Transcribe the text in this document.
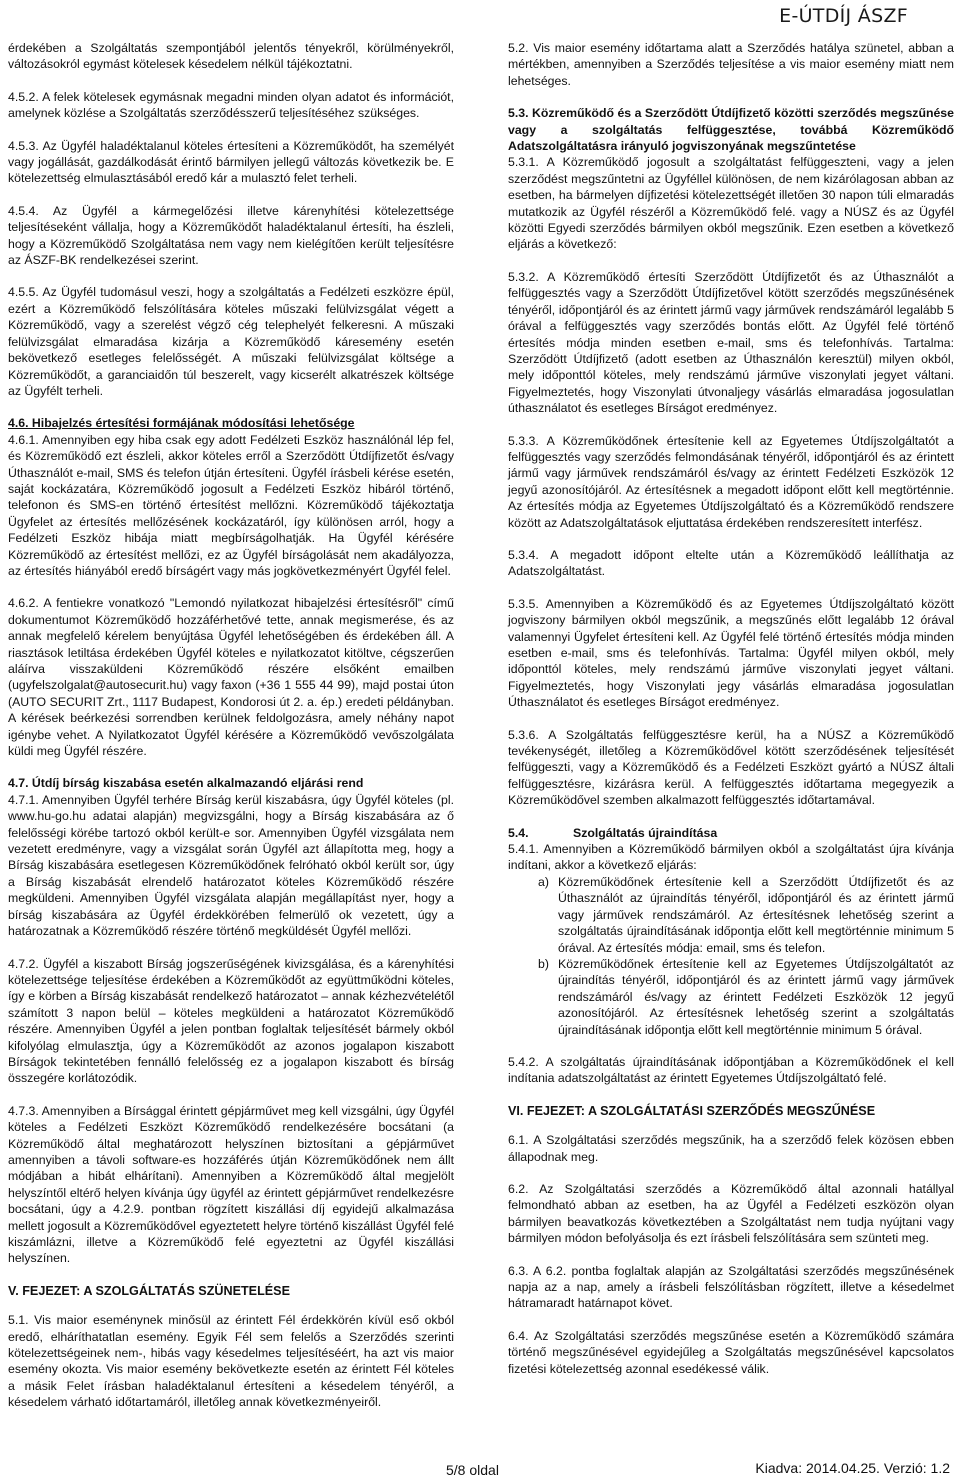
E-ÚTDÍJ ÁSZF
érdekében a Szolgáltatás szempontjából jelentős tényekről, körülményekről, változásokról egymást kötelesek késedelem nélkül tájékoztatni.
4.5.2. A felek kötelesek egymásnak megadni minden olyan adatot és információt, amelynek közlése a Szolgáltatás szerződésszerű teljesítéséhez szükséges.
4.5.3. Az Ügyfél haladéktalanul köteles értesíteni a Közreműködőt, ha személyét vagy jogállását, gazdálkodását érintő bármilyen jellegű változás következik be. E kötelezettség elmulasztásából eredő kár a mulasztó felet terheli.
4.5.4. Az Ügyfél a kármegelőzési illetve kárenyhítési kötelezettsége teljesítéseként vállalja, hogy a Közreműködőt haladéktalanul értesíti, ha észleli, hogy a Közreműködő Szolgáltatása nem vagy nem kielégítően került teljesítésre az ÁSZF-BK rendelkezései szerint.
4.5.5. Az Ügyfél tudomásul veszi, hogy a szolgáltatás a Fedélzeti eszközre épül, ezért a Közreműködő felszólítására köteles műszaki felülvizsgálat végett a Közreműködő, vagy a szerelést végző cég telephelyét felkeresni. A műszaki felülvizsgálat elmaradása kizárja a Közreműködő káresemény esetén bekövetkező esetleges felelősségét. A műszaki felülvizsgálat költsége a Közreműködőt, a garanciaidőn túl beszerelt, vagy kicserélt alkatrészek költsége az Ügyfélt terheli.
4.6. Hibajelzés értesítési formájának módosítási lehetősége
4.6.1. Amennyiben egy hiba csak egy adott Fedélzeti Eszköz használónál lép fel, és Közreműködő ezt észleli, akkor köteles erről a Szerződött Útdíjfizetőt és/vagy Úthasználót e-mail, SMS és telefon útján értesíteni. Ügyfél írásbeli kérése esetén, saját kockázatára, Közreműködő jogosult a Fedélzeti Eszköz hibáról történő, telefonon és SMS-en történő értesítést mellőzni. Közreműködő tájékoztatja Ügyfelet az értesítés mellőzésének kockázatáról, így különösen arról, hogy a Fedélzeti Eszköz hibája miatt megbírságolhatják. Ha Ügyfél kérésére Közreműködő az értesítést mellőzi, ez az Ügyfél bírságolását nem akadályozza, az értesítés hiányából eredő bírságért vagy más jogkövetkezményért Ügyfél felel.
4.6.2. A fentiekre vonatkozó "Lemondó nyilatkozat hibajelzési értesítésről" című dokumentumot Közreműködő hozzáférhetővé tette, annak megismerése, és az annak megfelelő kérelem benyújtása Ügyfél lehetőségében és érdekében áll. A riasztások letiltása érdekében Ügyfél köteles e nyilatkozatot kitöltve, cégszerűen aláírva visszaküldeni Közreműködő részére elsőként emailben (ugyfelszolgalat@autosecurit.hu) vagy faxon (+36 1 555 44 99), majd postai úton (AUTO SECURIT Zrt., 1117 Budapest, Kondorosi út 2. a. ép.) eredeti példányban. A kérések beérkezési sorrendben kerülnek feldolgozásra, amely néhány napot igénybe vehet. A Nyilatkozatot Ügyfél kérésére a Közreműködő vevőszolgálata küldi meg Ügyfél részére.
4.7. Útdíj bírság kiszabása esetén alkalmazandó eljárási rend
4.7.1. Amennyiben Ügyfél terhére Bírság kerül kiszabásra, úgy Ügyfél köteles (pl. www.hu-go.hu adatai alapján) megvizsgálni, hogy a Bírság kiszabására az ő felelősségi körébe tartozó okból került-e sor. Amennyiben Ügyfél vizsgálata nem vezetett eredményre, vagy a vizsgálat során Ügyfél azt állapította meg, hogy a Bírság kiszabására esetlegesen Közreműködőnek felróható okból került sor, úgy a Bírság kiszabását elrendelő határozatot köteles Közreműködő részére megküldeni. Amennyiben Ügyfél vizsgálata alapján megállapítást nyer, hogy a bírság kiszabására az Ügyfél érdekkörében felmerülő ok vezetett, úgy a határozatnak a Közreműködő részére történő megküldését Ügyfél mellőzi.
4.7.2. Ügyfél a kiszabott Bírság jogszerűségének kivizsgálása, és a kárenyhítési kötelezettsége teljesítése érdekében a Közreműködőt az együttműködni köteles, így e körben a Bírság kiszabását rendelkező határozatot – annak kézhezvételétől számított 3 napon belül – köteles megküldeni a határozatot Közreműködő részére. Amennyiben Ügyfél a jelen pontban foglaltak teljesítését bármely okból kifolyólag elmulasztja, úgy a Közreműködőt az azonos jogalapon kiszabott Bírságok tekintetében fennálló felelősség ez a jogalapon kiszabott és bírság összegére korlátozódik.
4.7.3. Amennyiben a Bírsággal érintett gépjárművet meg kell vizsgálni, úgy Ügyfél köteles a Fedélzeti Eszközt Közreműködő rendelkezésére bocsátani (a Közreműködő által meghatározott helyszínen biztosítani a gépjárművet amennyiben a távoli software-es hozzáférés útján Közreműködőnek nem állt módjában a hibát elhárítani). Amennyiben a Közreműködő által megjelölt helyszíntől eltérő helyen kívánja úgy ügyfél az érintett gépjárművet rendelkezésre bocsátani, úgy a 4.2.9. pontban rögzített kiszállási díj egyidejű alkalmazása mellett jogosult a Közreműködővel egyeztetett helyre történő kiszállást Ügyfél felé kiszámlázni, illetve a Közreműködő felé egyeztetni az Ügyfél kiszállási helyszínen.
V. FEJEZET: A SZOLGÁLTATÁS SZÜNETELÉSE
5.1. Vis maior eseménynek minősül az érintett Fél érdekkörén kívül eső okból eredő, elháríthatatlan esemény. Egyik Fél sem felelős a Szerződés szerinti kötelezettségeinek nem-, hibás vagy késedelmes teljesítéséért, ha azt vis maior esemény okozta. Vis maior esemény bekövetkezte esetén az érintett Fél köteles a másik Felet írásban haladéktalanul értesíteni a késedelem tényéről, a késedelem várható időtartamáról, illetőleg annak következményeiről.
5.2. Vis maior esemény időtartama alatt a Szerződés hatálya szünetel, abban a mértékben, amennyiben a Szerződés teljesítése a vis maior esemény miatt nem lehetséges.
5.3. Közreműködő és a Szerződött Útdíjfizető közötti szerződés megszűnése vagy a szolgáltatás felfüggesztése, továbbá Közreműködő Adatszolgáltatásra irányuló jogviszonyának megszűntetése
5.3.1. A Közreműködő jogosult a szolgáltatást felfüggeszteni, vagy a jelen szerződést megszűntetni az Ügyféllel különösen, de nem kizárólagosan abban az esetben, ha bármelyen díjfizetési kötelezettségét illetően 30 napon túli elmaradás mutatkozik az Ügyfél részéről a Közreműködő felé. vagy a NÚSZ és az Ügyfél közötti Egyedi szerződés bármilyen okból megszűnik. Ezen esetben a következő eljárás a következő:
5.3.2. A Közreműködő értesíti Szerződött Útdíjfizetőt és az Úthasználót a felfüggesztés vagy a Szerződött Útdíjfizetővel kötött szerződés megszűnésének tényéről, időpontjáról és az érintett jármű vagy járművek rendszámáról legalább 5 órával a felfüggesztés vagy szerződés bontás előtt. Az Ügyfél felé történő értesítés módja minden esetben e-mail, sms és telefonhívás. Tartalma: Szerződött Útdíjfizető (adott esetben az Úthasználón keresztül) milyen okból, mely időponttól köteles, mely rendszámú járműve viszonylati jegyet váltani. Figyelmeztetés, hogy Viszonylati útvonaljegy vásárlás elmaradása jogosulatlan úthasználatot és esetleges Bírságot eredményez.
5.3.3. A Közreműködőnek értesítenie kell az Egyetemes Útdíjszolgáltatót a felfüggesztés vagy szerződés felmondásának tényéről, időpontjáról és az érintett jármű vagy járművek rendszámáról és/vagy az érintett Fedélzeti Eszközök 12 jegyű azonosítójáról. Az értesítésnek a megadott időpont előtt kell megtörténnie. Az értesítés módja az Egyetemes Útdíjszolgáltató és a Közreműködő rendszere között az Adatszolgáltatások eljuttatása érdekében rendszeresített interfész.
5.3.4. A megadott időpont eltelte után a Közreműködő leállíthatja az Adatszolgáltatást.
5.3.5. Amennyiben a Közreműködő és az Egyetemes Útdíjszolgáltató között jogviszony bármilyen okból megszűnik, a megszűnés előtt legalább 12 órával valamennyi Ügyfelet értesíteni kell. Az Ügyfél felé történő értesítés módja minden esetben e-mail, sms és telefonhívás. Tartalma: Ügyfél milyen okból, mely időponttól köteles, mely rendszámú járműve viszonylati jegyet váltani. Figyelmeztetés, hogy Viszonylati jegy vásárlás elmaradása jogosulatlan Úthasználatot és esetleges Bírságot eredményez.
5.3.6. A Szolgáltatás felfüggesztésre kerül, ha a NÚSZ a Közreműködő tevékenységét, illetőleg a Közreműködővel kötött szerződésének teljesítését felfüggeszti, vagy a Közreműködő és a Fedélzeti Eszközt gyártó a NÚSZ általi felfüggesztésre, kizárásra kerül. A felfüggesztés időtartama megegyezik a Közreműködővel szemben alkalmazott felfüggesztés időtartamával.
5.4.	Szolgáltatás újraindítása
5.4.1. Amennyiben a Közreműködő bármilyen okból a szolgáltatást újra kívánja indítani, akkor a következő eljárás:
a) Közreműködőnek értesítenie kell a Szerződött Útdíjfizetőt és az Úthasználót az újraindítás tényéről, időpontjáról és az érintett jármű vagy járművek rendszámáról. Az értesítésnek lehetőség szerint a szolgáltatás újraindításának időpontja előtt kell megtörténnie minimum 5 órával. Az értesítés módja: email, sms és telefon.
b) Közreműködőnek értesítenie kell az Egyetemes Útdíjszolgáltatót az újraindítás tényéről, időpontjáról és az érintett jármű vagy járművek rendszámáról és/vagy az érintett Fedélzeti Eszközök 12 jegyű azonosítójáról. Az értesítésnek lehetőség szerint a szolgáltatás újraindításának időpontja előtt kell megtörténnie minimum 5 órával.
5.4.2. A szolgáltatás újraindításának időpontjában a Közreműködőnek el kell indítania adatszolgáltatást az érintett Egyetemes Útdíjszolgáltató felé.
VI. FEJEZET: A SZOLGÁLTATÁSI SZERZŐDÉS MEGSZŰNÉSE
6.1. A Szolgáltatási szerződés megszűnik, ha a szerződő felek közösen ebben állapodnak meg.
6.2. Az Szolgáltatási szerződés a Közreműködő által azonnali hatállyal felmondható abban az esetben, ha az Ügyfél a Fedélzeti eszközön olyan bármilyen beavatkozás következtében a Szolgáltatást nem tudja nyújtani vagy bármilyen módon befolyásolja és ezt írásbeli felszólítására sem szünteti meg.
6.3. A 6.2. pontba foglaltak alapján az Szolgáltatási szerződés megszűnésének napja az a nap, amely a írásbeli felszólításban rögzített, illetve a késedelmet hátramaradt határnapot követ.
6.4. Az Szolgáltatási szerződés megszűnése esetén a Közreműködő számára történő megszűnésével egyidejűleg a Szolgáltatás megszűnésével kapcsolatos fizetési kötelezettség azonnal esedékessé válik.
5/8 oldal	Kiadva: 2014.04.25. Verzió: 1.2
